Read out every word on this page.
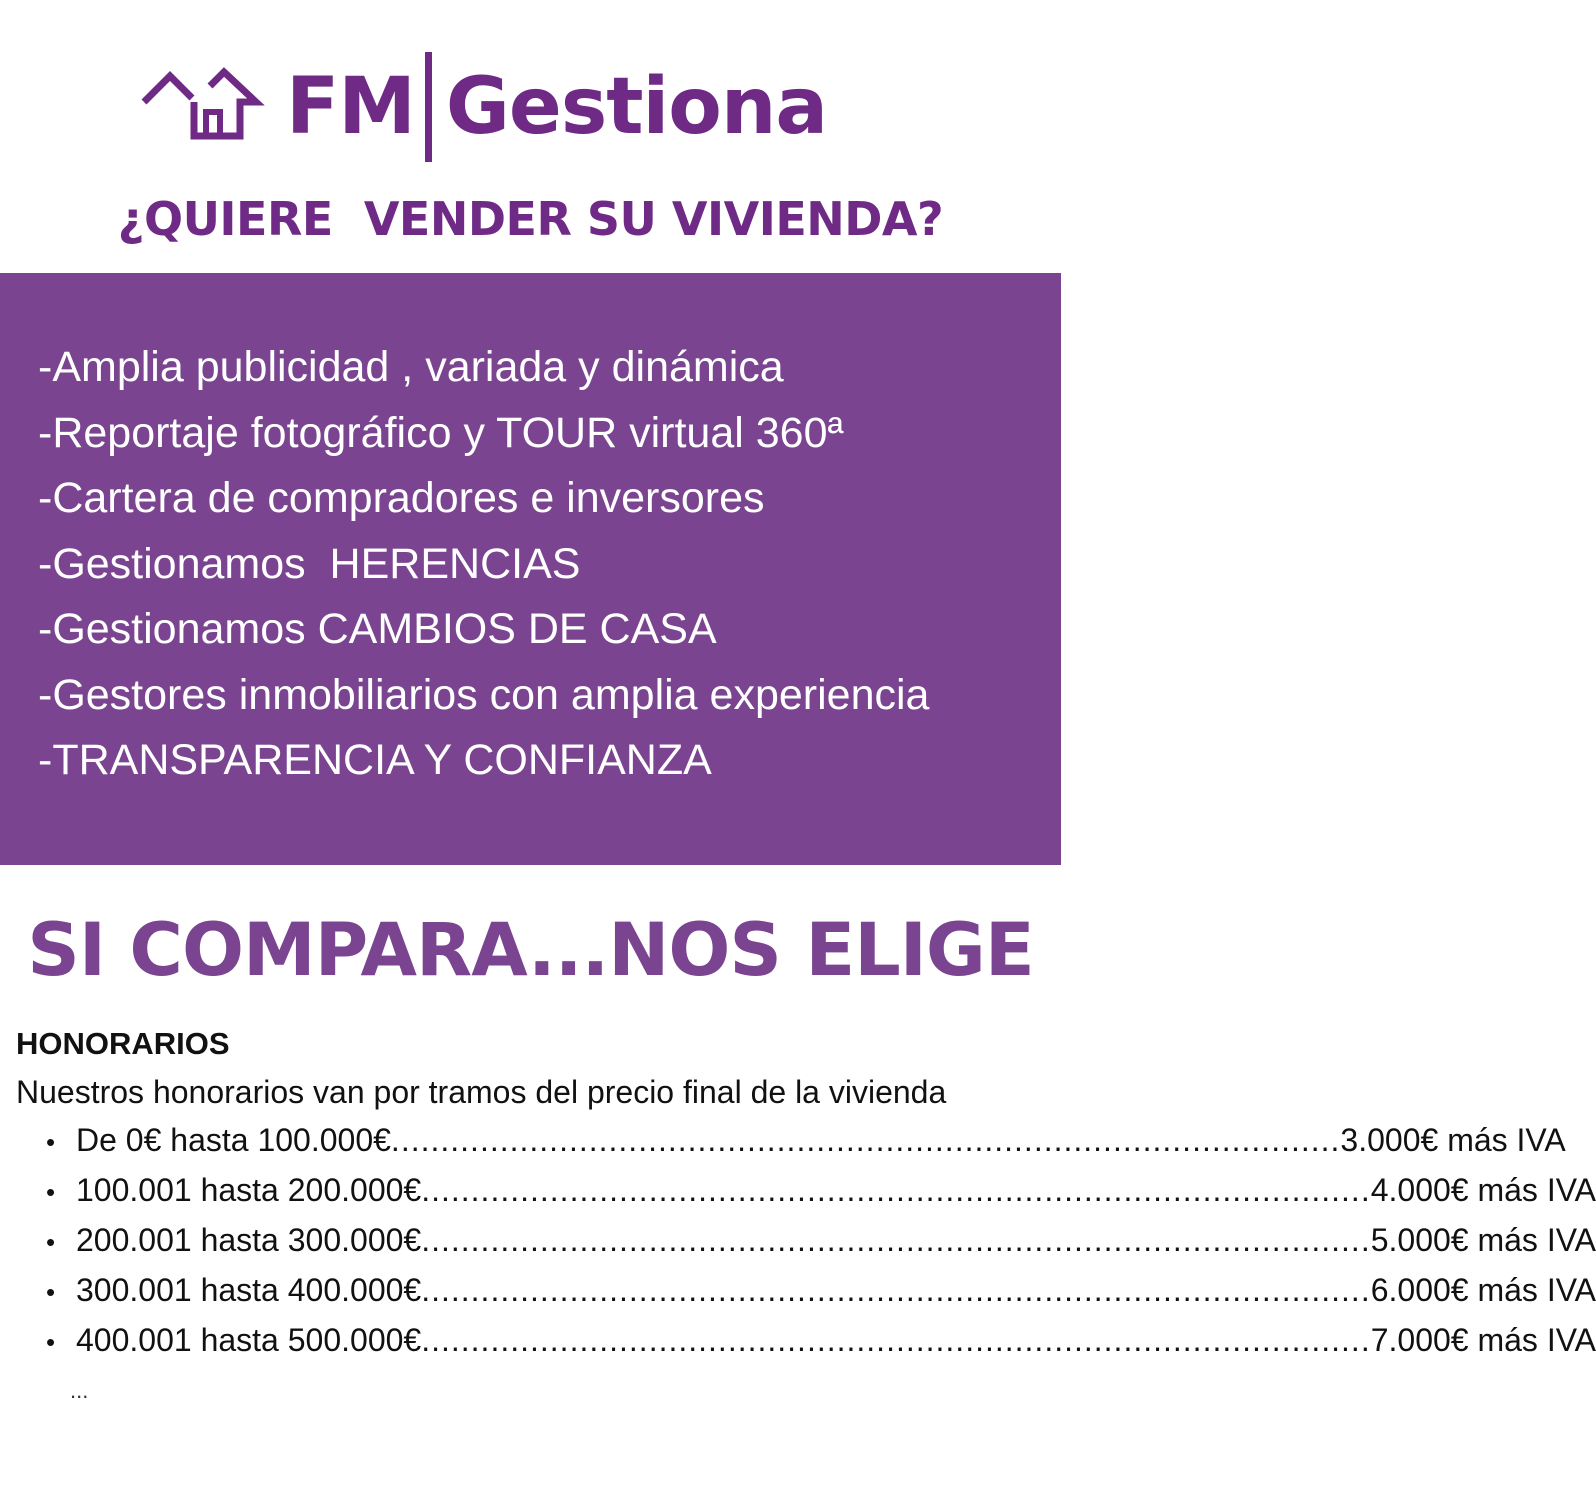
FM Gestiona
¿QUIERE  VENDER SU VIVIENDA?
-Amplia publicidad , variada y dinámica
-Reportaje fotográfico y TOUR virtual 360ª
-Cartera de compradores e inversores
-Gestionamos  HERENCIAS
-Gestionamos CAMBIOS DE CASA
-Gestores inmobiliarios con amplia experiencia
-TRANSPARENCIA Y CONFIANZA
SI COMPARA...NOS ELIGE
HONORARIOS
Nuestros honorarios van por tramos del precio final de la vivienda
• De 0€ hasta 100.000€ ................................................................................................ 3.000€ más IVA
• 100.001 hasta 200.000€ ................................................................................................ 4.000€ más IVA
• 200.001 hasta 300.000€ ................................................................................................ 5.000€ más IVA
• 300.001 hasta 400.000€ ................................................................................................ 6.000€ más IVA
• 400.001 hasta 500.000€ ................................................................................................ 7.000€ más IVA
...
